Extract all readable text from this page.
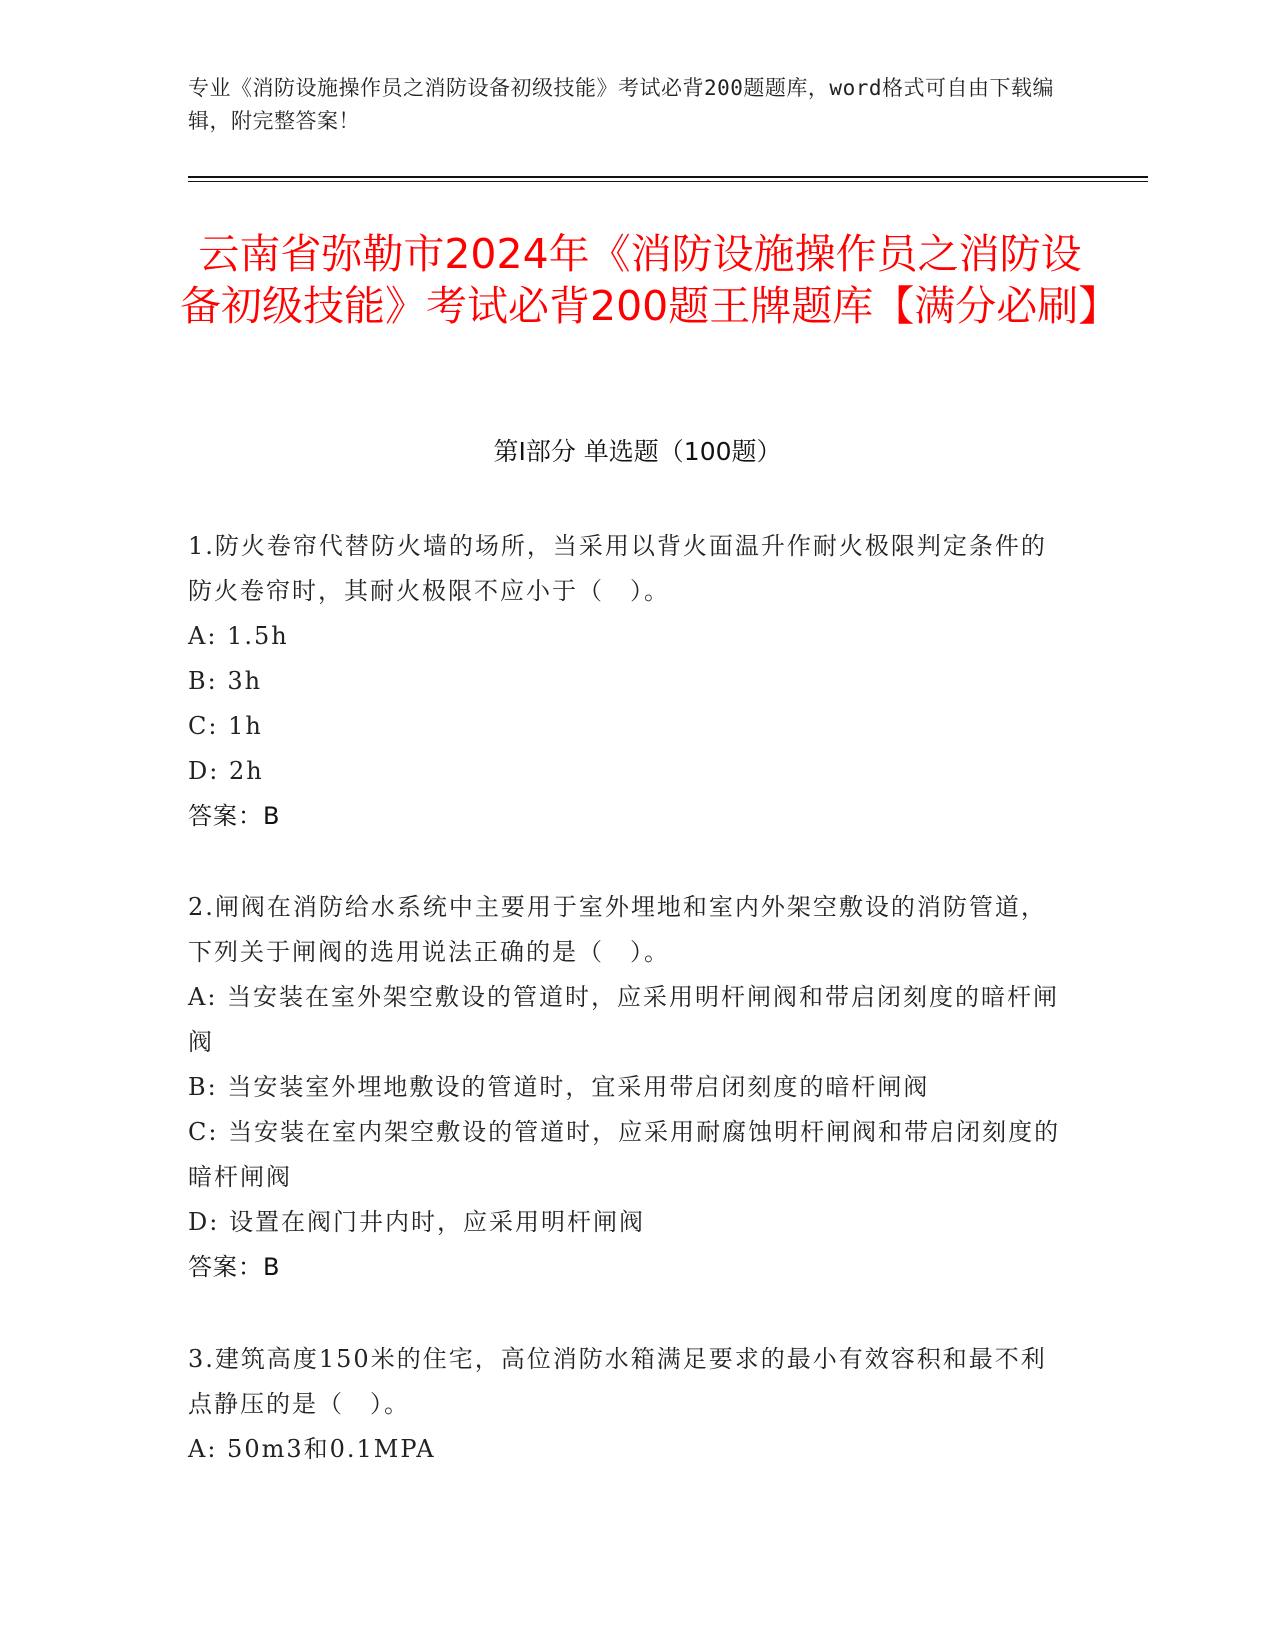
专业《消防设施操作员之消防设备初级技能》考试必背200题题库，word格式可自由下载编辑，附完整答案！
云南省弥勒市2024年《消防设施操作员之消防设备初级技能》考试必背200题王牌题库【满分必刷】
第I部分 单选题（100题）
1.防火卷帘代替防火墙的场所，当采用以背火面温升作耐火极限判定条件的防火卷帘时，其耐火极限不应小于（　）。
A: 1.5h
B: 3h
C: 1h
D: 2h
答案：B
2.闸阀在消防给水系统中主要用于室外埋地和室内外架空敷设的消防管道，下列关于闸阀的选用说法正确的是（　）。
A: 当安装在室外架空敷设的管道时，应采用明杆闸阀和带启闭刻度的暗杆闸阀
B: 当安装室外埋地敷设的管道时，宜采用带启闭刻度的暗杆闸阀
C: 当安装在室内架空敷设的管道时，应采用耐腐蚀明杆闸阀和带启闭刻度的暗杆闸阀
D: 设置在阀门井内时，应采用明杆闸阀
答案：B
3.建筑高度150米的住宅，高位消防水箱满足要求的最小有效容积和最不利点静压的是（　）。
A: 50m3和0.1MPA
